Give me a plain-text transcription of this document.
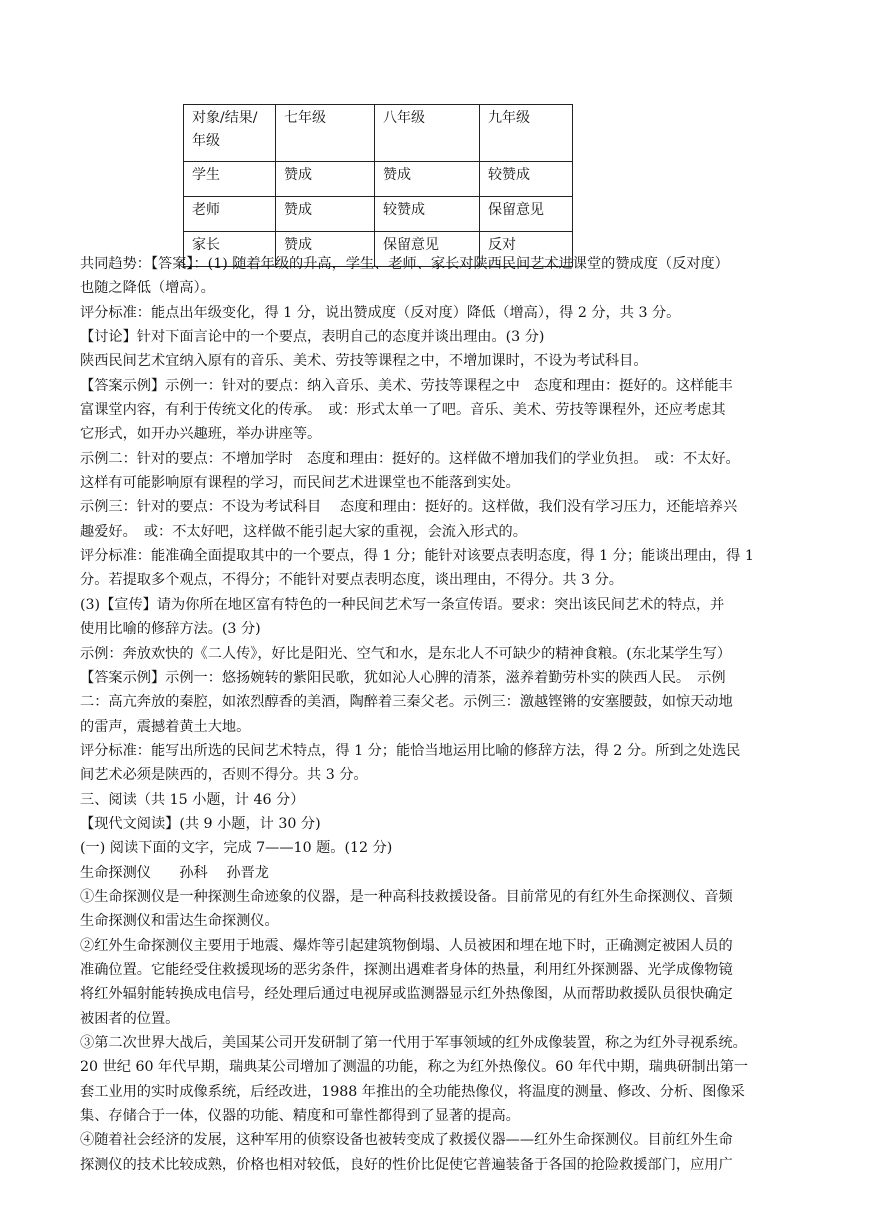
对象/结果/年级	七年级	八年级	九年级
学生	赞成	赞成	较赞成
老师	赞成	较赞成	保留意见
家长	赞成	保留意见	反对
共同趋势：【答案】：(1) 随着年级的升高，学生、老师、家长对陕西民间艺术进课堂的赞成度（反对度）
也随之降低（增高）。
评分标准：能点出年级变化，得 1 分，说出赞成度（反对度）降低（增高），得 2 分，共 3 分。
【讨论】针对下面言论中的一个要点，表明自己的态度并谈出理由。(3 分)
陕西民间艺术宜纳入原有的音乐、美术、劳技等课程之中，不增加课时，不设为考试科目。
【答案示例】示例一：针对的要点：纳入音乐、美术、劳技等课程之中　态度和理由：挺好的。这样能丰
富课堂内容，有利于传统文化的传承。　或：形式太单一了吧。音乐、美术、劳技等课程外，还应考虑其
它形式，如开办兴趣班，举办讲座等。
示例二：针对的要点：不增加学时　态度和理由：挺好的。这样做不增加我们的学业负担。　或：不太好。
这样有可能影响原有课程的学习，而民间艺术进课堂也不能落到实处。
示例三：针对的要点：不设为考试科目　 态度和理由：挺好的。这样做，我们没有学习压力，还能培养兴
趣爱好。　或：不太好吧，这样做不能引起大家的重视，会流入形式的。
评分标准：能准确全面提取其中的一个要点，得 1 分；能针对该要点表明态度，得 1 分；能谈出理由，得 1
分。若提取多个观点，不得分；不能针对要点表明态度，谈出理由，不得分。共 3 分。
(3)【宣传】请为你所在地区富有特色的一种民间艺术写一条宣传语。要求：突出该民间艺术的特点，并
使用比喻的修辞方法。(3 分)
示例：奔放欢快的《二人传》，好比是阳光、空气和水，是东北人不可缺少的精神食粮。(东北某学生写）
【答案示例】示例一：悠扬婉转的紫阳民歌，犹如沁人心脾的清茶，滋养着勤劳朴实的陕西人民。　示例
二：高亢奔放的秦腔，如浓烈醇香的美酒，陶醉着三秦父老。示例三：激越铿锵的安塞腰鼓，如惊天动地
的雷声，震撼着黄土大地。
评分标准：能写出所选的民间艺术特点，得 1 分；能恰当地运用比喻的修辞方法，得 2 分。所到之处选民
间艺术必须是陕西的，否则不得分。共 3 分。
三、阅读（共 15 小题，计 46 分）
【现代文阅读】(共 9 小题，计 30 分)
(一) 阅读下面的文字，完成 7——10 题。(12 分)
生命探测仪　　孙科　 孙晋龙
①生命探测仪是一种探测生命迹象的仪器，是一种高科技救援设备。目前常见的有红外生命探测仪、音频
生命探测仪和雷达生命探测仪。
②红外生命探测仪主要用于地震、爆炸等引起建筑物倒塌、人员被困和埋在地下时，正确测定被困人员的
准确位置。它能经受住救援现场的恶劣条件，探测出遇难者身体的热量，利用红外探测器、光学成像物镜
将红外辐射能转换成电信号，经处理后通过电视屏或监测器显示红外热像图，从而帮助救援队员很快确定
被困者的位置。
③第二次世界大战后，美国某公司开发研制了第一代用于军事领域的红外成像装置，称之为红外寻视系统。
20 世纪 60 年代早期，瑞典某公司增加了测温的功能，称之为红外热像仪。60 年代中期，瑞典研制出第一
套工业用的实时成像系统，后经改进，1988 年推出的全功能热像仪，将温度的测量、修改、分析、图像采
集、存储合于一体，仪器的功能、精度和可靠性都得到了显著的提高。
④随着社会经济的发展，这种军用的侦察设备也被转变成了救援仪器——红外生命探测仪。目前红外生命
探测仪的技术比较成熟，价格也相对较低，良好的性价比促使它普遍装备于各国的抢险救援部门，应用广
